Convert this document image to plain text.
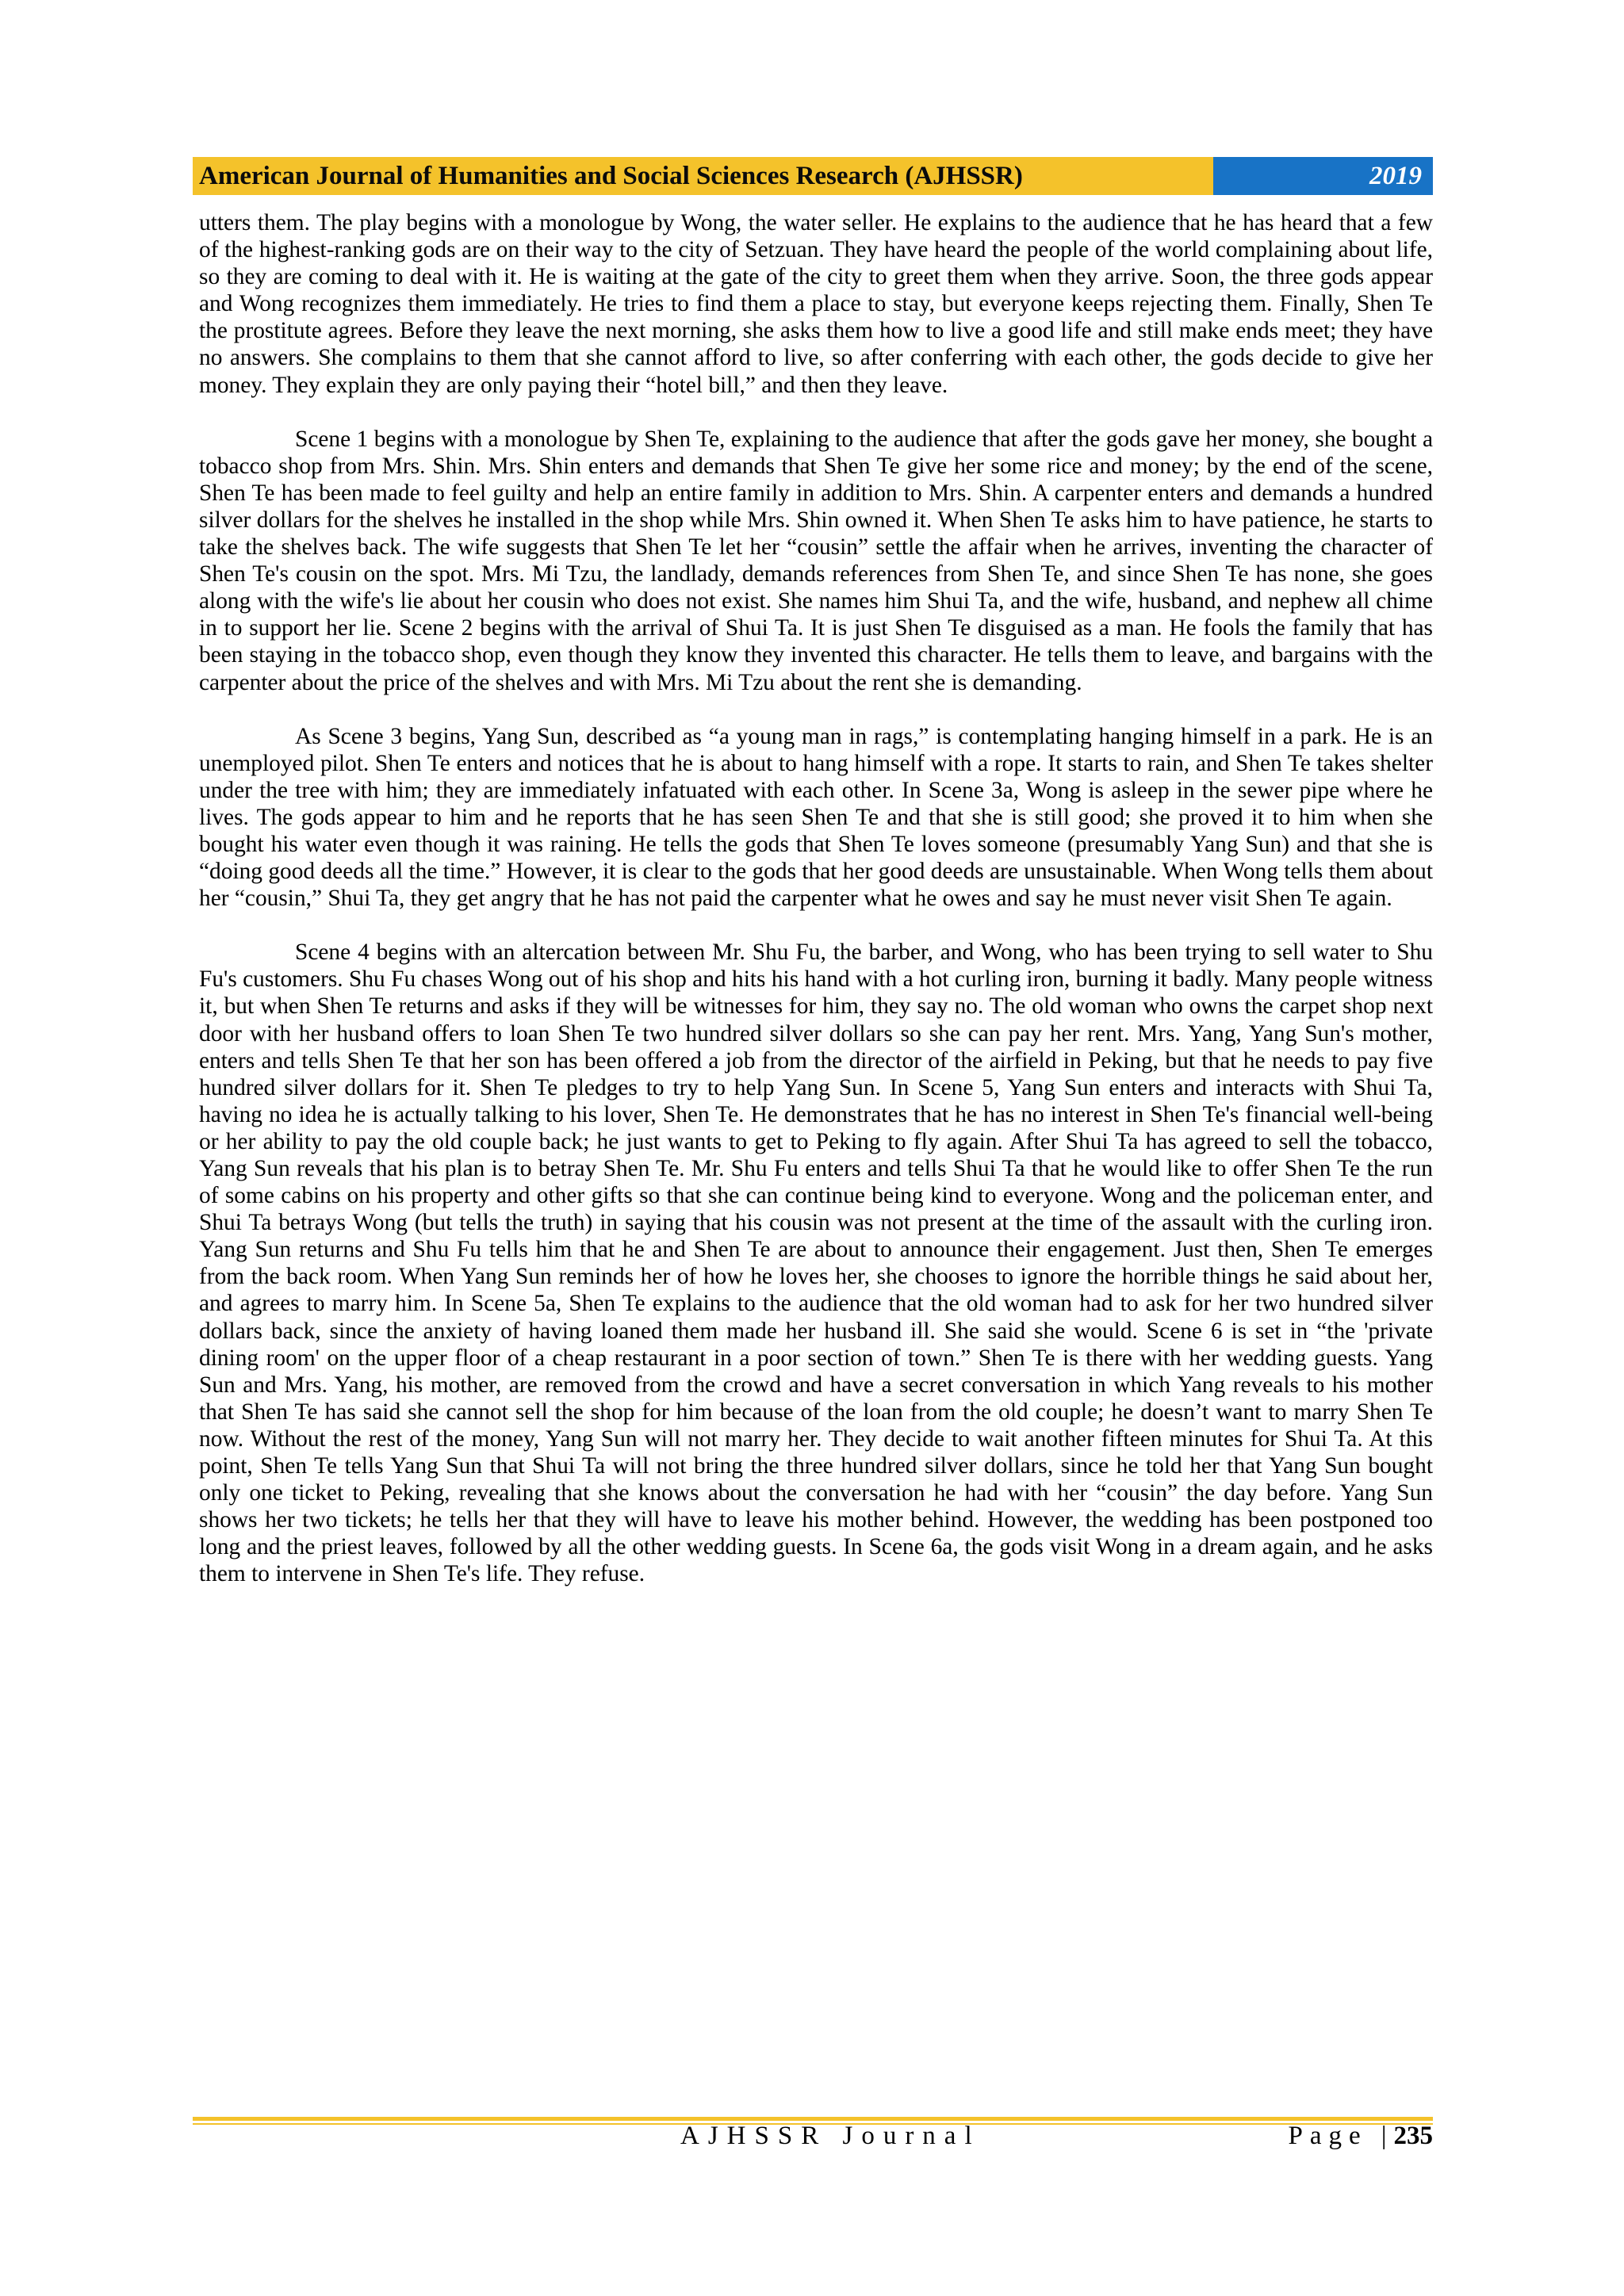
American Journal of Humanities and Social Sciences Research (AJHSSR)	2019

utters them. The play begins with a monologue by Wong, the water seller. He explains to the audience that he has heard that a few of the highest-ranking gods are on their way to the city of Setzuan. They have heard the people of the world complaining about life, so they are coming to deal with it. He is waiting at the gate of the city to greet them when they arrive. Soon, the three gods appear and Wong recognizes them immediately. He tries to find them a place to stay, but everyone keeps rejecting them. Finally, Shen Te the prostitute agrees. Before they leave the next morning, she asks them how to live a good life and still make ends meet; they have no answers. She complains to them that she cannot afford to live, so after conferring with each other, the gods decide to give her money. They explain they are only paying their “hotel bill,” and then they leave.

Scene 1 begins with a monologue by Shen Te, explaining to the audience that after the gods gave her money, she bought a tobacco shop from Mrs. Shin. Mrs. Shin enters and demands that Shen Te give her some rice and money; by the end of the scene, Shen Te has been made to feel guilty and help an entire family in addition to Mrs. Shin. A carpenter enters and demands a hundred silver dollars for the shelves he installed in the shop while Mrs. Shin owned it. When Shen Te asks him to have patience, he starts to take the shelves back. The wife suggests that Shen Te let her “cousin” settle the affair when he arrives, inventing the character of Shen Te's cousin on the spot. Mrs. Mi Tzu, the landlady, demands references from Shen Te, and since Shen Te has none, she goes along with the wife's lie about her cousin who does not exist. She names him Shui Ta, and the wife, husband, and nephew all chime in to support her lie. Scene 2 begins with the arrival of Shui Ta. It is just Shen Te disguised as a man. He fools the family that has been staying in the tobacco shop, even though they know they invented this character. He tells them to leave, and bargains with the carpenter about the price of the shelves and with Mrs. Mi Tzu about the rent she is demanding.

As Scene 3 begins, Yang Sun, described as “a young man in rags,” is contemplating hanging himself in a park. He is an unemployed pilot. Shen Te enters and notices that he is about to hang himself with a rope. It starts to rain, and Shen Te takes shelter under the tree with him; they are immediately infatuated with each other. In Scene 3a, Wong is asleep in the sewer pipe where he lives. The gods appear to him and he reports that he has seen Shen Te and that she is still good; she proved it to him when she bought his water even though it was raining. He tells the gods that Shen Te loves someone (presumably Yang Sun) and that she is “doing good deeds all the time.” However, it is clear to the gods that her good deeds are unsustainable. When Wong tells them about her “cousin,” Shui Ta, they get angry that he has not paid the carpenter what he owes and say he must never visit Shen Te again.

Scene 4 begins with an altercation between Mr. Shu Fu, the barber, and Wong, who has been trying to sell water to Shu Fu's customers. Shu Fu chases Wong out of his shop and hits his hand with a hot curling iron, burning it badly. Many people witness it, but when Shen Te returns and asks if they will be witnesses for him, they say no. The old woman who owns the carpet shop next door with her husband offers to loan Shen Te two hundred silver dollars so she can pay her rent. Mrs. Yang, Yang Sun's mother, enters and tells Shen Te that her son has been offered a job from the director of the airfield in Peking, but that he needs to pay five hundred silver dollars for it. Shen Te pledges to try to help Yang Sun. In Scene 5, Yang Sun enters and interacts with Shui Ta, having no idea he is actually talking to his lover, Shen Te. He demonstrates that he has no interest in Shen Te's financial well-being or her ability to pay the old couple back; he just wants to get to Peking to fly again. After Shui Ta has agreed to sell the tobacco, Yang Sun reveals that his plan is to betray Shen Te. Mr. Shu Fu enters and tells Shui Ta that he would like to offer Shen Te the run of some cabins on his property and other gifts so that she can continue being kind to everyone. Wong and the policeman enter, and Shui Ta betrays Wong (but tells the truth) in saying that his cousin was not present at the time of the assault with the curling iron. Yang Sun returns and Shu Fu tells him that he and Shen Te are about to announce their engagement. Just then, Shen Te emerges from the back room. When Yang Sun reminds her of how he loves her, she chooses to ignore the horrible things he said about her, and agrees to marry him. In Scene 5a, Shen Te explains to the audience that the old woman had to ask for her two hundred silver dollars back, since the anxiety of having loaned them made her husband ill. She said she would. Scene 6 is set in “the 'private dining room' on the upper floor of a cheap restaurant in a poor section of town.” Shen Te is there with her wedding guests. Yang Sun and Mrs. Yang, his mother, are removed from the crowd and have a secret conversation in which Yang reveals to his mother that Shen Te has said she cannot sell the shop for him because of the loan from the old couple; he doesn’t want to marry Shen Te now. Without the rest of the money, Yang Sun will not marry her. They decide to wait another fifteen minutes for Shui Ta. At this point, Shen Te tells Yang Sun that Shui Ta will not bring the three hundred silver dollars, since he told her that Yang Sun bought only one ticket to Peking, revealing that she knows about the conversation he had with her “cousin” the day before. Yang Sun shows her two tickets; he tells her that they will have to leave his mother behind. However, the wedding has been postponed too long and the priest leaves, followed by all the other wedding guests. In Scene 6a, the gods visit Wong in a dream again, and he asks them to intervene in Shen Te's life. They refuse.

AJHSSR Journal	Page |235
